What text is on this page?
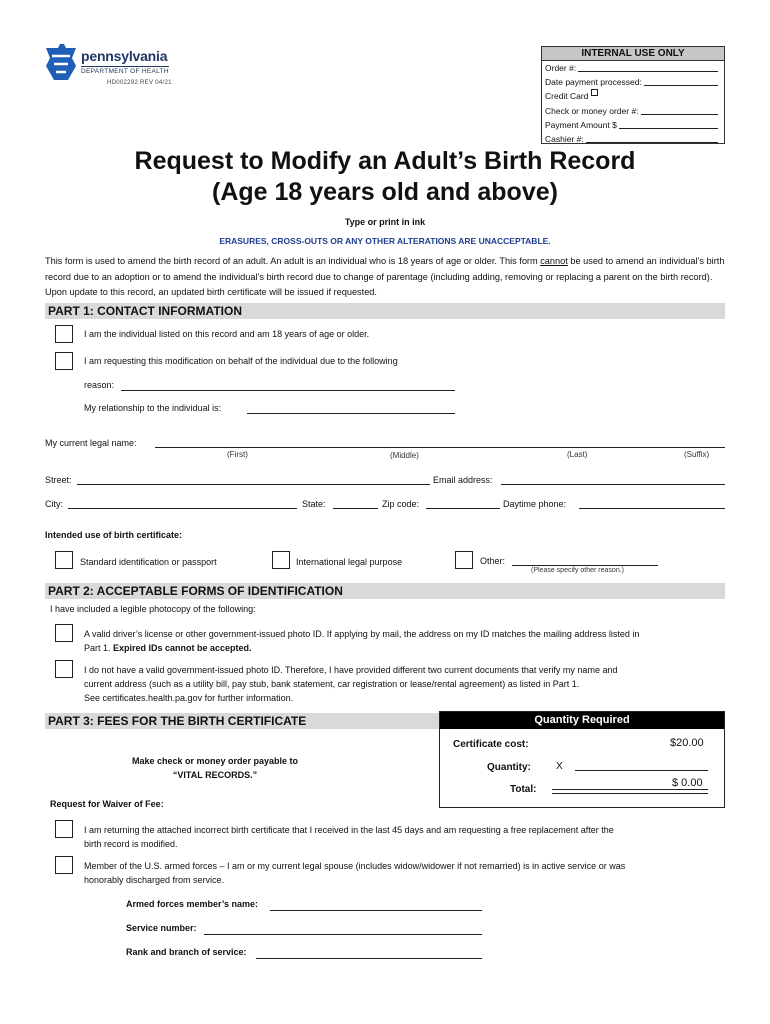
pennsylvania
DEPARTMENT OF HEALTH
HD002292 REV 04/21
INTERNAL USE ONLY
Order #:
Date payment processed:
Credit Card
Check or money order #:
Payment Amount $
Cashier #:
Request to Modify an Adult’s Birth Record
(Age 18 years old and above)
Type or print in ink
ERASURES, CROSS-OUTS OR ANY OTHER ALTERATIONS ARE UNACCEPTABLE.
This form is used to amend the birth record of an adult. An adult is an individual who is 18 years of age or older. This form cannot be used to amend an individual’s birth record due to an adoption or to amend the individual’s birth record due to change of parentage (including adding, removing or replacing a parent on the birth record). Upon update to this record, an updated birth certificate will be issued if requested.
PART 1: CONTACT INFORMATION
I am the individual listed on this record and am 18 years of age or older.
I am requesting this modification on behalf of the individual due to the following
reason:
My relationship to the individual is:
My current legal name:
(First)	(Middle)	(Last)	(Suffix)
Street:	Email address:
City:	State:	Zip code:	Daytime phone:
Intended use of birth certificate:
Standard identification or passport	International legal purpose	Other:
(Please specify other reason.)
PART 2: ACCEPTABLE FORMS OF IDENTIFICATION
I have included a legible photocopy of the following:
A valid driver’s license or other government-issued photo ID. If applying by mail, the address on my ID matches the mailing address listed in
Part 1. Expired IDs cannot be accepted.
I do not have a valid government-issued photo ID. Therefore, I have provided different two current documents that verify my name and
current address (such as a utility bill, pay stub, bank statement, car registration or lease/rental agreement) as listed in Part 1.
See certificates.health.pa.gov for further information.
PART 3: FEES FOR THE BIRTH CERTIFICATE
Make check or money order payable to
“VITAL RECORDS.”
Quantity Required
Certificate cost:	$20.00
Quantity:	X
Total:
$ 0.00
Request for Waiver of Fee:
I am returning the attached incorrect birth certificate that I received in the last 45 days and am requesting a free replacement after the
birth record is modified.
Member of the U.S. armed forces – I am or my current legal spouse (includes widow/widower if not remarried) is in active service or was
honorably discharged from service.
Armed forces member’s name:
Service number:
Rank and branch of service:
